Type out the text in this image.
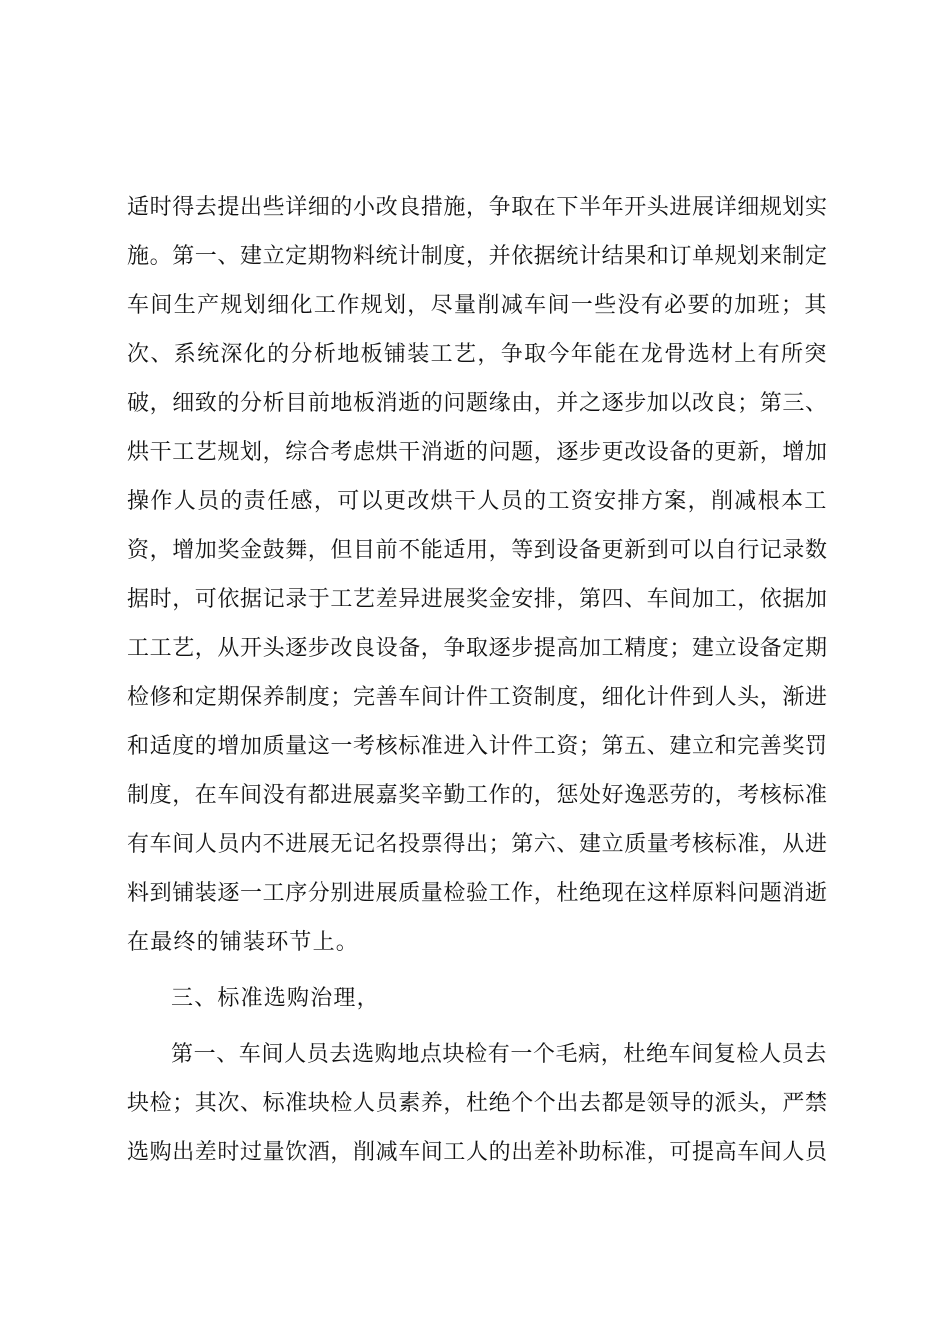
适时得去提出些详细的小改良措施，争取在下半年开头进展详细规划实

施。第一、建立定期物料统计制度，并依据统计结果和订单规划来制定

车间生产规划细化工作规划，尽量削减车间一些没有必要的加班；其

次、系统深化的分析地板铺装工艺，争取今年能在龙骨选材上有所突

破，细致的分析目前地板消逝的问题缘由，并之逐步加以改良；第三、

烘干工艺规划，综合考虑烘干消逝的问题，逐步更改设备的更新，增加

操作人员的责任感，可以更改烘干人员的工资安排方案，削减根本工

资，增加奖金鼓舞，但目前不能适用，等到设备更新到可以自行记录数

据时，可依据记录于工艺差异进展奖金安排，第四、车间加工，依据加

工工艺，从开头逐步改良设备，争取逐步提高加工精度；建立设备定期

检修和定期保养制度；完善车间计件工资制度，细化计件到人头，渐进

和适度的增加质量这一考核标准进入计件工资；第五、建立和完善奖罚

制度，在车间没有都进展嘉奖辛勤工作的，惩处好逸恶劳的，考核标准

有车间人员内不进展无记名投票得出；第六、建立质量考核标准，从进

料到铺装逐一工序分别进展质量检验工作，杜绝现在这样原料问题消逝

在最终的铺装环节上。

三、标准选购治理，

第一、车间人员去选购地点块检有一个毛病，杜绝车间复检人员去

块检；其次、标准块检人员素养，杜绝个个出去都是领导的派头，严禁

选购出差时过量饮酒，削减车间工人的出差补助标准，可提高车间人员
